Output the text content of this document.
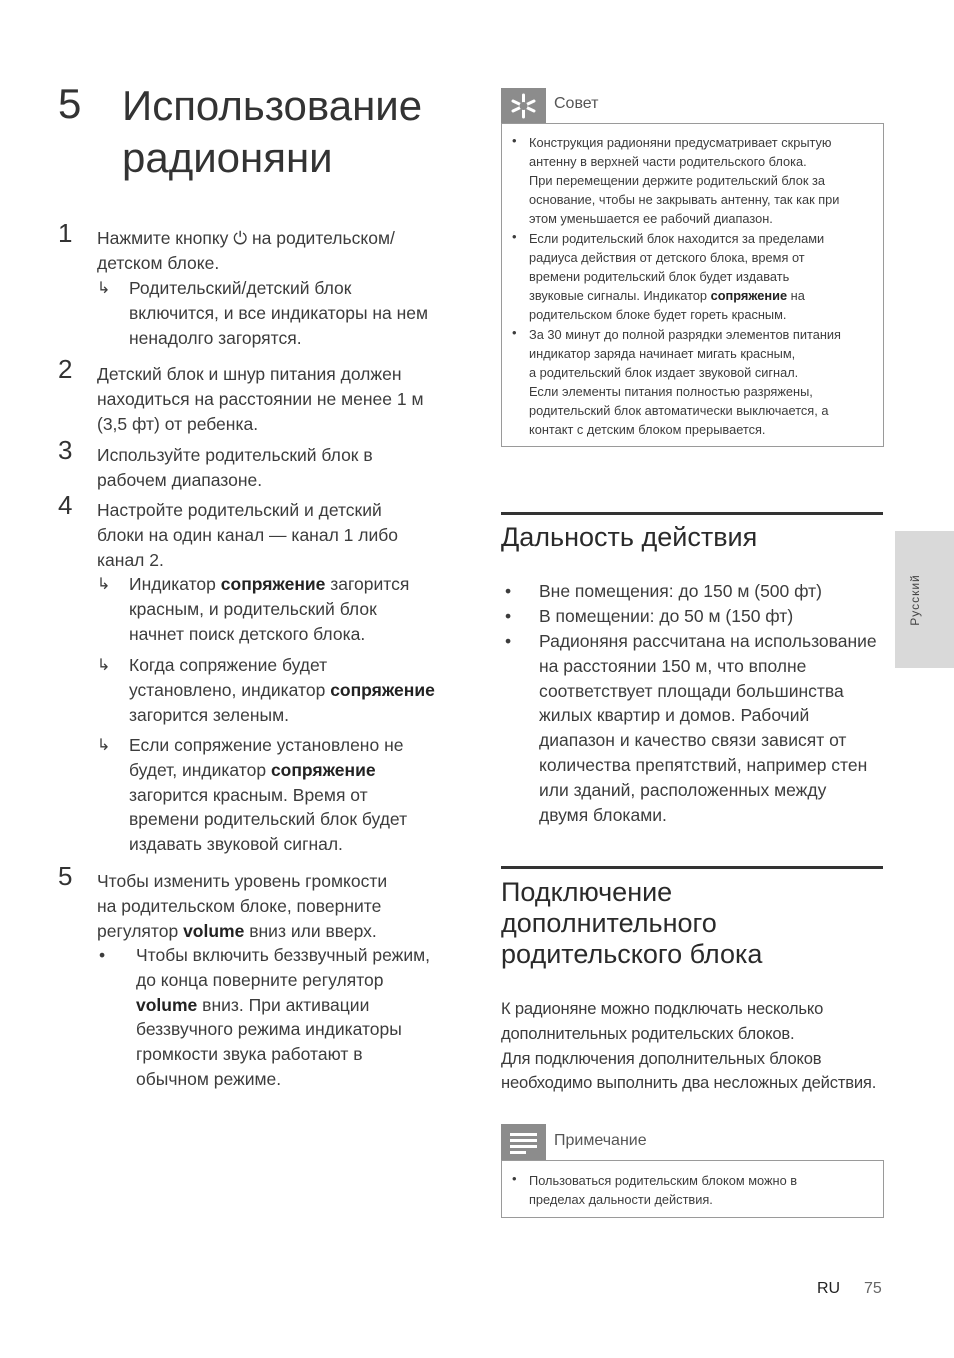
5 Использование радионяни
1 Нажмите кнопку ⏻ на родительском/
детском блоке.
↳ Родительский/детский блок
включится, и все индикаторы на нем
ненадолго загорятся.
2 Детский блок и шнур питания должен
находиться на расстоянии не менее 1 м
(3,5 фт) от ребенка.
3 Используйте родительский блок в
рабочем диапазоне.
4 Настройте родительский и детский
блоки на один канал — канал 1 либо
канал 2.
↳ Индикатор сопряжение загорится
красным, и родительский блок
начнет поиск детского блока.
↳ Когда сопряжение будет
установлено, индикатор сопряжение
загорится зеленым.
↳ Если сопряжение установлено не
будет, индикатор сопряжение
загорится красным. Время от
времени родительский блок будет
издавать звуковой сигнал.
5 Чтобы изменить уровень громкости
на родительском блоке, поверните
регулятор volume вниз или вверх.
• Чтобы включить беззвучный режим,
до конца поверните регулятор
volume вниз. При активации
беззвучного режима индикаторы
громкости звука работают в
обычном режиме.
Совет
• Конструкция радионяни предусматривает скрытую
антенну в верхней части родительского блока.
При перемещении держите родительский блок за
основание, чтобы не закрывать антенну, так как при
этом уменьшается ее рабочий диапазон.
• Если родительский блок находится за пределами
радиуса действия от детского блока, время от
времени родительский блок будет издавать
звуковые сигналы. Индикатор сопряжение на
родительском блоке будет гореть красным.
• За 30 минут до полной разрядки элементов питания
индикатор заряда начинает мигать красным,
а родительский блок издает звуковой сигнал.
Если элементы питания полностью разряжены,
родительский блок автоматически выключается, а
контакт с детским блоком прерывается.
Дальность действия
• Вне помещения: до 150 м (500 фт)
• В помещении: до 50 м (150 фт)
• Радионяня рассчитана на использование
на расстоянии 150 м, что вполне
соответствует площади большинства
жилых квартир и домов. Рабочий
диапазон и качество связи зависят от
количества препятствий, например стен
или зданий, расположенных между
двумя блоками.
Подключение
дополнительного
родительского блока
К радионяне можно подключать несколько
дополнительных родительских блоков.
Для подключения дополнительных блоков
необходимо выполнить два несложных действия.
Примечание
• Пользоваться родительским блоком можно в
пределах дальности действия.
Русский
RU 75
